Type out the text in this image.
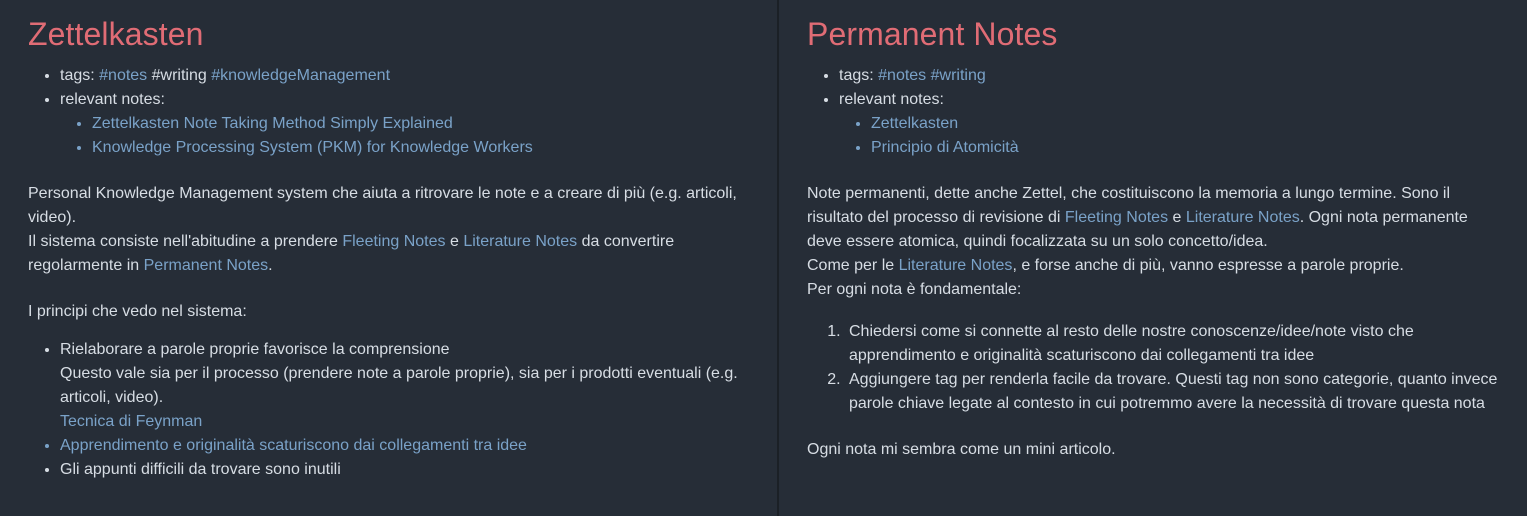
Zettelkasten
• tags: #notes #writing #knowledgeManagement
• relevant notes:
• Zettelkasten Note Taking Method Simply Explained
• Knowledge Processing System (PKM) for Knowledge Workers

Personal Knowledge Management system che aiuta a ritrovare le note e a creare di più (e.g. articoli, video).
Il sistema consiste nell'abitudine a prendere Fleeting Notes e Literature Notes da convertire regolarmente in Permanent Notes.

I principi che vedo nel sistema:

• Rielaborare a parole proprie favorisce la comprensione
Questo vale sia per il processo (prendere note a parole proprie), sia per i prodotti eventuali (e.g. articoli, video).
Tecnica di Feynman
• Apprendimento e originalità scaturiscono dai collegamenti tra idee
• Gli appunti difficili da trovare sono inutili
Permanent Notes
• tags: #notes #writing
• relevant notes:
• Zettelkasten
• Principio di Atomicità

Note permanenti, dette anche Zettel, che costituiscono la memoria a lungo termine. Sono il risultato del processo di revisione di Fleeting Notes e Literature Notes. Ogni nota permanente deve essere atomica, quindi focalizzata su un solo concetto/idea.
Come per le Literature Notes, e forse anche di più, vanno espresse a parole proprie.
Per ogni nota è fondamentale:

1. Chiedersi come si connette al resto delle nostre conoscenze/idee/note visto che apprendimento e originalità scaturiscono dai collegamenti tra idee
2. Aggiungere tag per renderla facile da trovare. Questi tag non sono categorie, quanto invece parole chiave legate al contesto in cui potremmo avere la necessità di trovare questa nota

Ogni nota mi sembra come un mini articolo.
